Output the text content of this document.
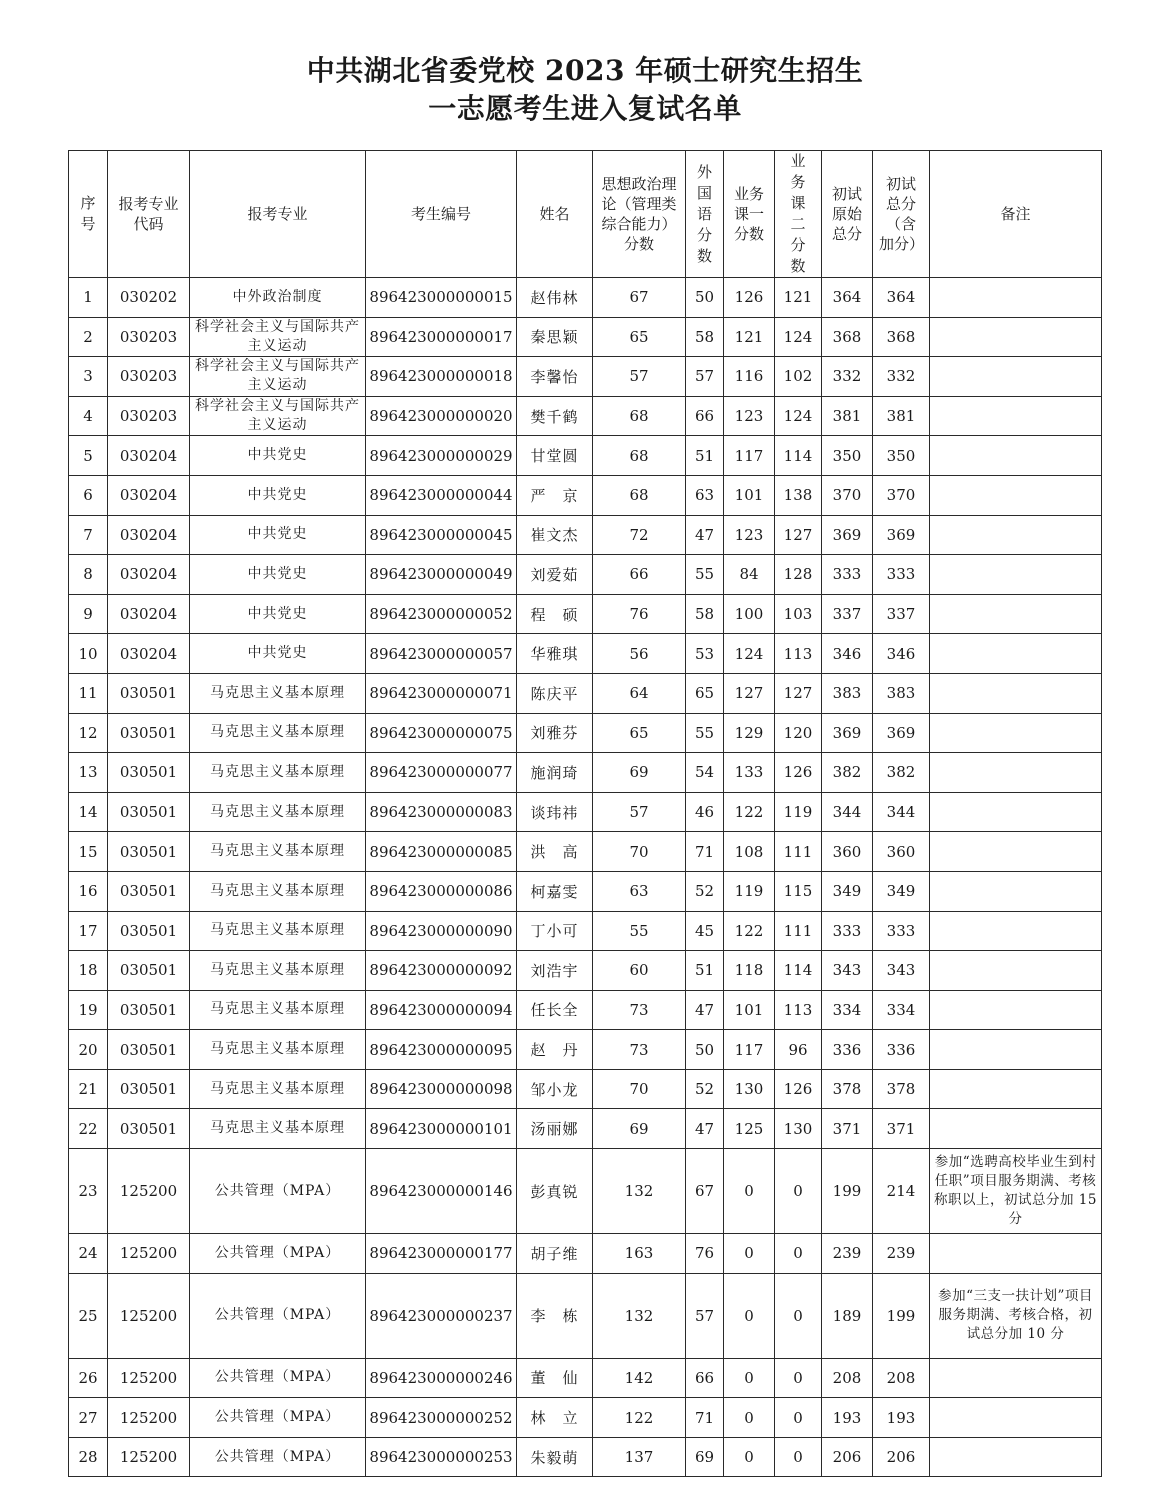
中共湖北省委党校 2023 年硕士研究生招生
一志愿考生进入复试名单
序号	报考专业代码	报考专业	考生编号	姓名	思想政治理论（管理类综合能力）分数	外国语分数	业务课一分数	业务课二分数	初试原始总分	初试总分（含加分）	备注
1	030202	中外政治制度	896423000000015	赵伟林	67	50	126	121	364	364	
2	030203	科学社会主义与国际共产主义运动	896423000000017	秦思颖	65	58	121	124	368	368	
3	030203	科学社会主义与国际共产主义运动	896423000000018	李馨怡	57	57	116	102	332	332	
4	030203	科学社会主义与国际共产主义运动	896423000000020	樊千鹤	68	66	123	124	381	381	
5	030204	中共党史	896423000000029	甘堂圆	68	51	117	114	350	350	
6	030204	中共党史	896423000000044	严　京	68	63	101	138	370	370	
7	030204	中共党史	896423000000045	崔文杰	72	47	123	127	369	369	
8	030204	中共党史	896423000000049	刘爱茹	66	55	84	128	333	333	
9	030204	中共党史	896423000000052	程　硕	76	58	100	103	337	337	
10	030204	中共党史	896423000000057	华雅琪	56	53	124	113	346	346	
11	030501	马克思主义基本原理	896423000000071	陈庆平	64	65	127	127	383	383	
12	030501	马克思主义基本原理	896423000000075	刘雅芬	65	55	129	120	369	369	
13	030501	马克思主义基本原理	896423000000077	施润琦	69	54	133	126	382	382	
14	030501	马克思主义基本原理	896423000000083	谈玮祎	57	46	122	119	344	344	
15	030501	马克思主义基本原理	896423000000085	洪　高	70	71	108	111	360	360	
16	030501	马克思主义基本原理	896423000000086	柯嘉雯	63	52	119	115	349	349	
17	030501	马克思主义基本原理	896423000000090	丁小可	55	45	122	111	333	333	
18	030501	马克思主义基本原理	896423000000092	刘浩宇	60	51	118	114	343	343	
19	030501	马克思主义基本原理	896423000000094	任长全	73	47	101	113	334	334	
20	030501	马克思主义基本原理	896423000000095	赵　丹	73	50	117	96	336	336	
21	030501	马克思主义基本原理	896423000000098	邹小龙	70	52	130	126	378	378	
22	030501	马克思主义基本原理	896423000000101	汤丽娜	69	47	125	130	371	371	
23	125200	公共管理（MPA）	896423000000146	彭真锐	132	67	0	0	199	214	参加“选聘高校毕业生到村任职”项目服务期满、考核称职以上，初试总分加 15 分
24	125200	公共管理（MPA）	896423000000177	胡子维	163	76	0	0	239	239	
25	125200	公共管理（MPA）	896423000000237	李　栋	132	57	0	0	189	199	参加“三支一扶计划”项目服务期满、考核合格，初试总分加 10 分
26	125200	公共管理（MPA）	896423000000246	董　仙	142	66	0	0	208	208	
27	125200	公共管理（MPA）	896423000000252	林　立	122	71	0	0	193	193	
28	125200	公共管理（MPA）	896423000000253	朱毅萌	137	69	0	0	206	206	
